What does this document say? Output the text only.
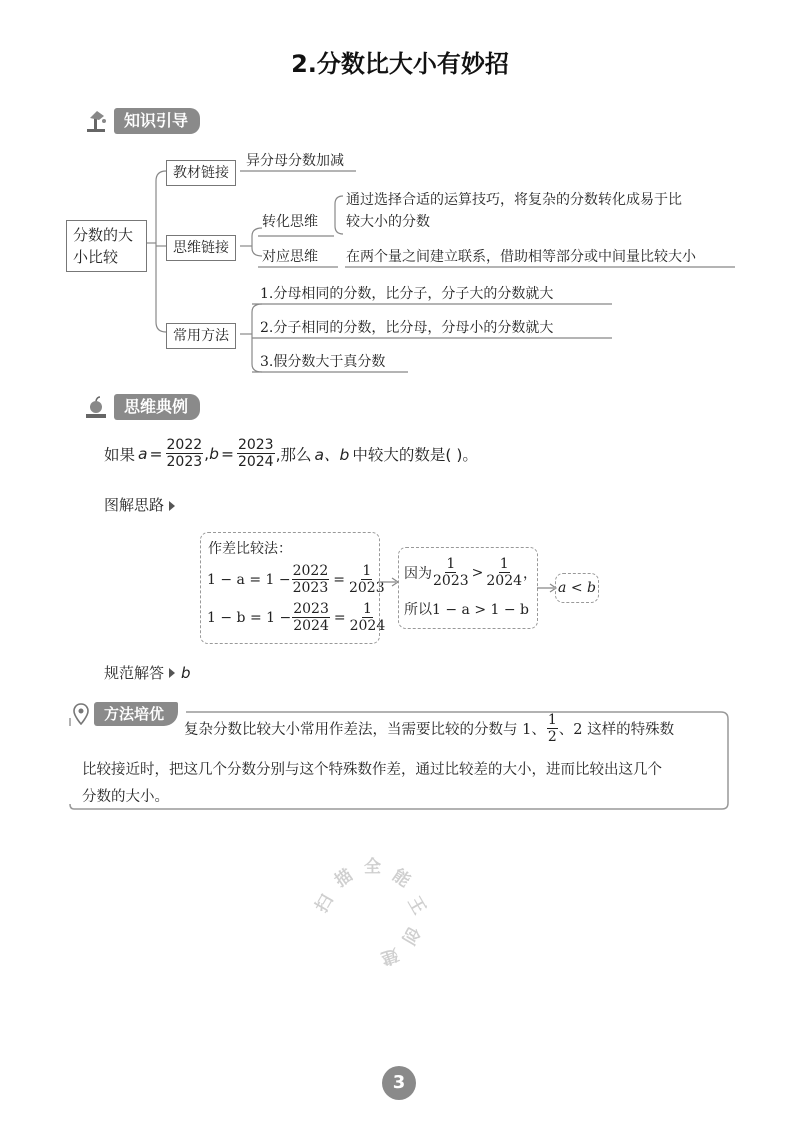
2.分数比大小有妙招
知识引导
分数的大
小比较
教材链接
异分母分数加减
思维链接
转化思维
通过选择合适的运算技巧，将复杂的分数转化成易于比
较大小的分数
对应思维 在两个量之间建立联系，借助相等部分或中间量比较大小
常用方法
1.分母相同的分数，比分子，分子大的分数就大
2.分子相同的分数，比分母，分母小的分数就大
3.假分数大于真分数
思维典例
如果 $a = \frac{2022}{2023}$ , $b = \frac{2023}{2024}$ ,那么 a、b 中较大的数是( )。
图解思路
作差比较法：
$1 - a = 1 - \frac{2022}{2023} = \frac{1}{2023}$
$1 - b = 1 - \frac{2023}{2024} = \frac{1}{2024}$
因为 $\frac{1}{2023} > \frac{1}{2024}$ ，
所以1 − a > 1 − b
a < b
规范解答 b
方法培优
复杂分数比较大小常用作差法，当需要比较的分数与 1、 $\frac{1}{2}$ 、2 这样的特殊数
比较接近时，把这几个分数分别与这个特殊数作差，通过比较差的大小，进而比较出这几个
分数的大小。
扫
描 全 能
王
创
建
3
